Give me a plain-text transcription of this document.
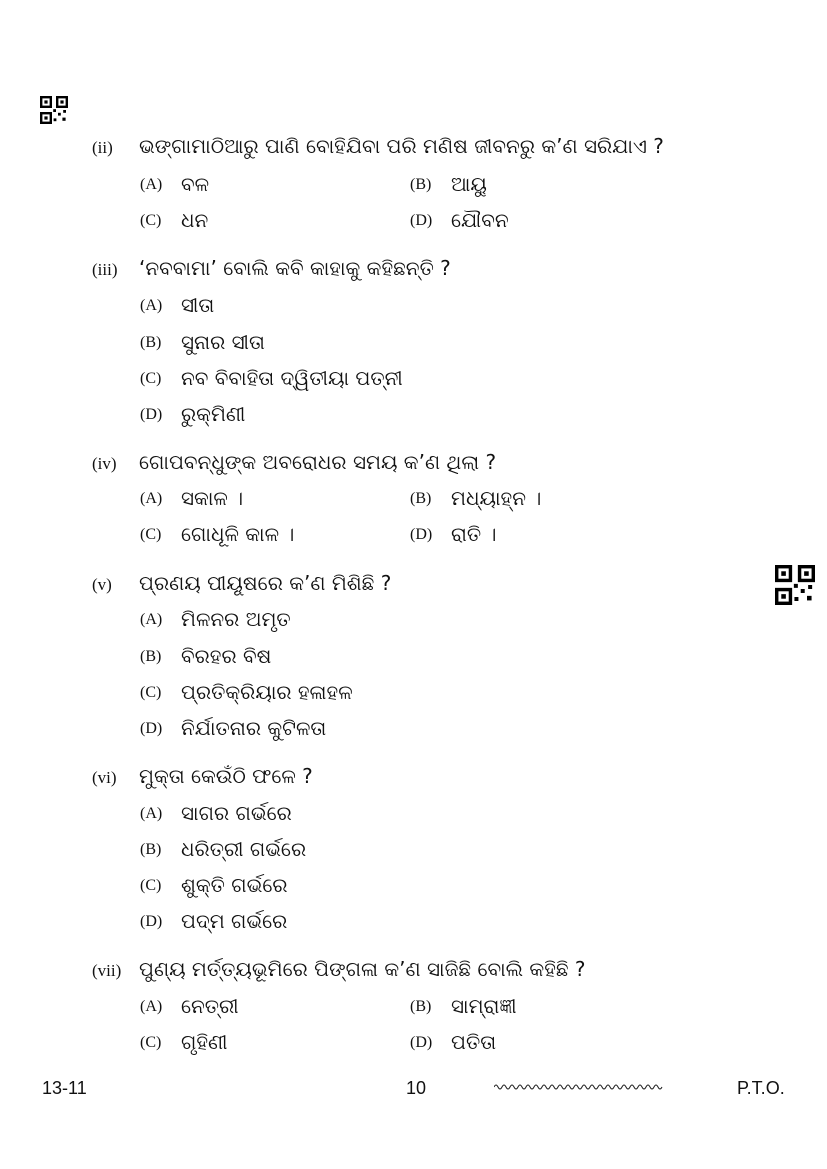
(ii) ଭଙ୍ଗାମାଠିଆରୁ ପାଣି ବୋହିଯିବା ପରି ମଣିଷ ଜୀବନରୁ କ’ଣ ସରିଯାଏ ?
(A) ବଳ	(B) ଆୟୁ
(C) ଧନ	(D) ଯୌବନ
(iii) ‘ନବବାମା’ ବୋଲି କବି କାହାକୁ କହିଛନ୍ତି ?
(A) ସୀତା
(B) ସୁନାର ସୀତା
(C) ନବ ବିବାହିତା ଦ୍ୱିତୀୟା ପତ୍ନୀ
(D) ରୁକ୍ମିଣୀ
(iv) ଗୋପବନ୍ଧୁଙ୍କ ଅବରୋଧର ସମୟ କ’ଣ ଥିଲା ?
(A) ସକାଳ ।	(B) ମଧ୍ୟାହ୍ନ ।
(C) ଗୋଧୂଳି କାଳ ।	(D) ରାତି ।
(v) ପ୍ରଣୟ ପୀୟୂଷରେ କ’ଣ ମିଶିଛି ?
(A) ମିଳନର ଅମୃତ
(B) ବିରହର ବିଷ
(C) ପ୍ରତିକ୍ରିୟାର ହଳାହଳ
(D) ନିର୍ଯାତନାର କୁଟିଳତା
(vi) ମୁକ୍ତା କେଉଁଠି ଫଳେ ?
(A) ସାଗର ଗର୍ଭରେ
(B) ଧରିତ୍ରୀ ଗର୍ଭରେ
(C) ଶୁକ୍ତି ଗର୍ଭରେ
(D) ପଦ୍ମ ଗର୍ଭରେ
(vii) ପୁଣ୍ୟ ମର୍ତ୍ତ୍ୟଭୂମିରେ ପିଙ୍ଗଳା କ’ଣ ସାଜିଛି ବୋଲି କହିଛି ?
(A) ନେତ୍ରୀ	(B) ସାମ୍ରାଜ୍ଞୀ
(C) ଗୃହିଣୀ	(D) ପତିତା
13-11	10	P.T.O.
